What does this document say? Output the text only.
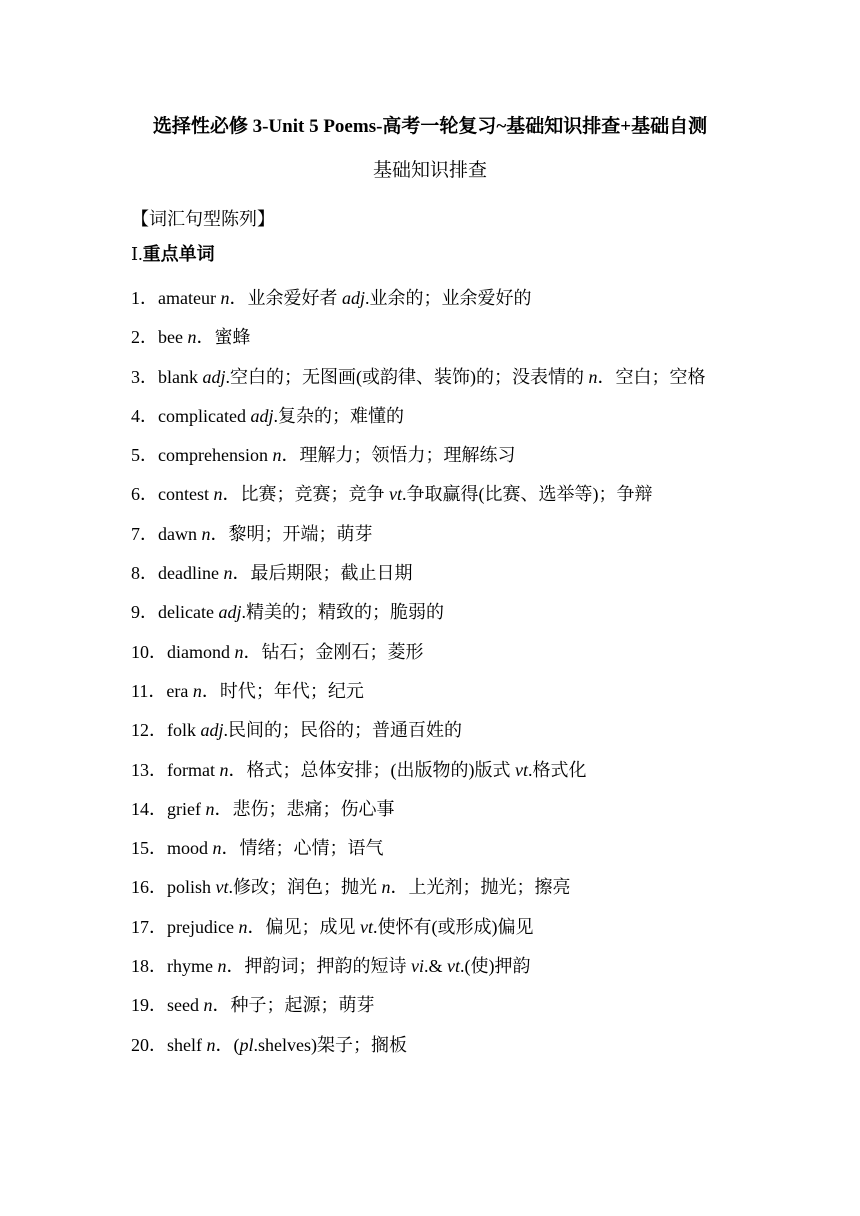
选择性必修 3-Unit 5 Poems-高考一轮复习~基础知识排查+基础自测
基础知识排查
【词汇句型陈列】
Ⅰ.重点单词
1．amateur n．业余爱好者 adj.业余的；业余爱好的
2．bee n．蜜蜂
3．blank adj.空白的；无图画(或韵律、装饰)的；没表情的 n．空白；空格
4．complicated adj.复杂的；难懂的
5．comprehension n．理解力；领悟力；理解练习
6．contest n．比赛；竞赛；竞争 vt.争取赢得(比赛、选举等)；争辩
7．dawn n．黎明；开端；萌芽
8．deadline n．最后期限；截止日期
9．delicate adj.精美的；精致的；脆弱的
10．diamond n．钻石；金刚石；菱形
11．era n．时代；年代；纪元
12．folk adj.民间的；民俗的；普通百姓的
13．format n．格式；总体安排；(出版物的)版式 vt.格式化
14．grief n．悲伤；悲痛；伤心事
15．mood n．情绪；心情；语气
16．polish vt.修改；润色；抛光 n．上光剂；抛光；擦亮
17．prejudice n．偏见；成见 vt.使怀有(或形成)偏见
18．rhyme n．押韵词；押韵的短诗 vi.& vt.(使)押韵
19．seed n．种子；起源；萌芽
20．shelf n．(pl.shelves)架子；搁板
